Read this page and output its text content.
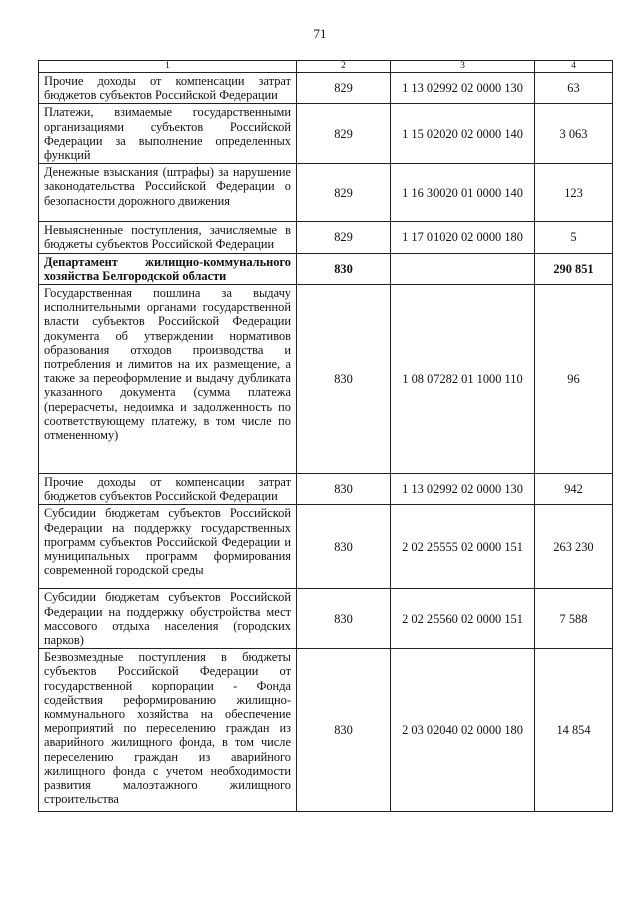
71
1	2	3	4
Прочие доходы от компенсации затрат бюджетов субъектов Российской Федерации	829	1 13 02992 02 0000 130	63
Платежи, взимаемые государственными организациями субъектов Российской Федерации за выполнение определенных функций	829	1 15 02020 02 0000 140	3 063
Денежные взыскания (штрафы) за нарушение законодательства Российской Федерации о безопасности дорожного движения	829	1 16 30020 01 0000 140	123
Невыясненные поступления, зачисляемые в бюджеты субъектов Российской Федерации	829	1 17 01020 02 0000 180	5
Департамент жилищно-коммунального хозяйства Белгородской области	830		290 851
Государственная пошлина за выдачу исполнительными органами государственной власти субъектов Российской Федерации документа об утверждении нормативов образования отходов производства и потребления и лимитов на их размещение, а также за переоформление и выдачу дубликата указанного документа (сумма платежа (перерасчеты, недоимка и задолженность по соответствующему платежу, в том числе по отмененному)	830	1 08 07282 01 1000 110	96
Прочие доходы от компенсации затрат бюджетов субъектов Российской Федерации	830	1 13 02992 02 0000 130	942
Субсидии бюджетам субъектов Российской Федерации на поддержку государственных программ субъектов Российской Федерации и муниципальных программ формирования современной городской среды	830	2 02 25555 02 0000 151	263 230
Субсидии бюджетам субъектов Российской Федерации на поддержку обустройства мест массового отдыха населения (городских парков)	830	2 02 25560 02 0000 151	7 588
Безвозмездные поступления в бюджеты субъектов Российской Федерации от государственной корпорации - Фонда содействия реформированию жилищно-коммунального хозяйства на обеспечение мероприятий по переселению граждан из аварийного жилищного фонда, в том числе переселению граждан из аварийного жилищного фонда с учетом необходимости развития малоэтажного жилищного строительства	830	2 03 02040 02 0000 180	14 854
